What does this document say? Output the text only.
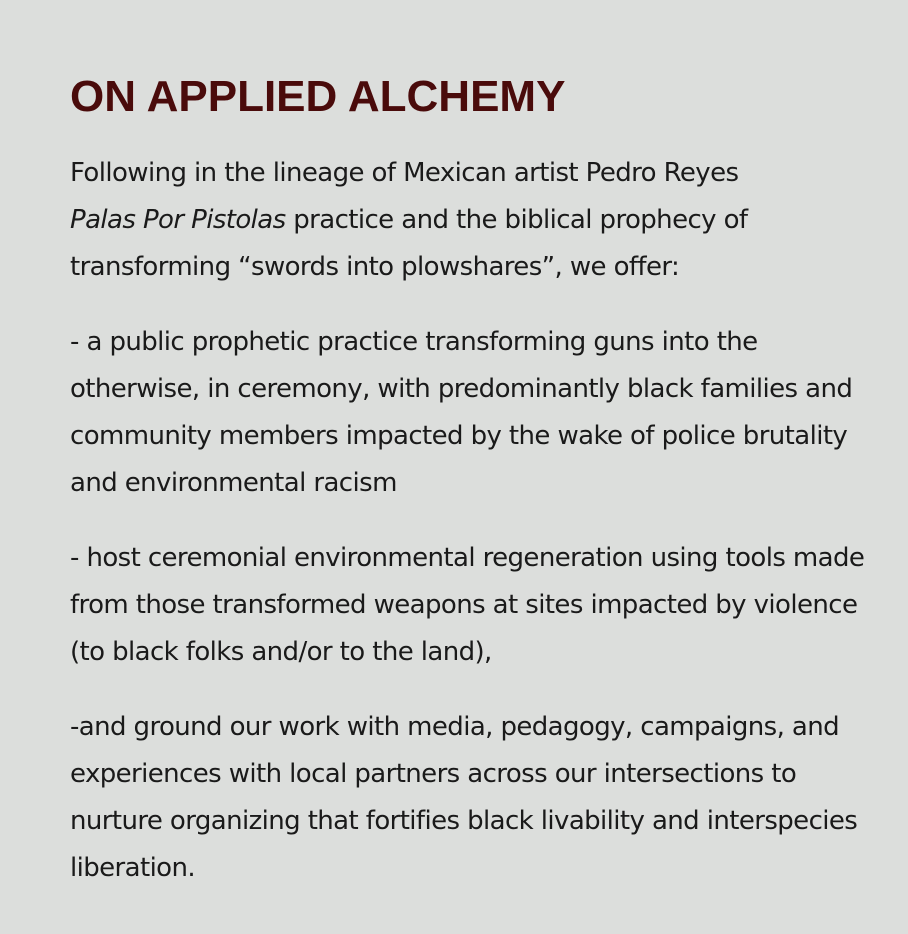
ON APPLIED ALCHEMY

Following in the lineage of Mexican artist Pedro Reyes
Palas Por Pistolas practice and the biblical prophecy of transforming “swords into plowshares”, we offer:

- a public prophetic practice transforming guns into the otherwise, in ceremony, with predominantly black families and community members impacted by the wake of police brutality and environmental racism

- host ceremonial environmental regeneration using tools made from those transformed weapons at sites impacted by violence (to black folks and/or to the land),

-and ground our work with media, pedagogy, campaigns, and experiences with local partners across our intersections to nurture organizing that fortifies black livability and interspecies liberation.
